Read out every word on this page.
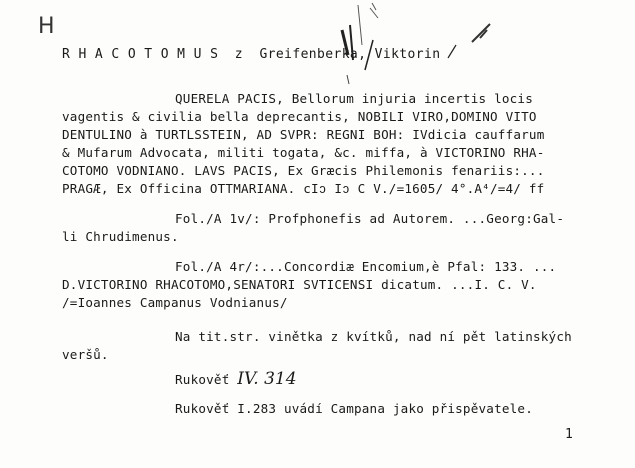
H
R H A C O T O M U S  z  Greifenberka, Viktorin
QUERELA PACIS, Bellorum injuria incertis locis
vagentis & civilia bella deprecantis, NOBILI VIRO,DOMINO VITO
DENTULINO à TURTLSSTEIN, AD SVPR: REGNI BOH: IVdicia cauffarum
& Mufarum Advocata, militi togata, &c. miffa, à VICTORINO RHA-
COTOMO VODNIANO. LAVS PACIS, Ex Græcis Philemonis fenariis:...
PRAGÆ, Ex Officina OTTMARIANA. cIↄ Iↄ C V./=1605/ 4°.A⁴/=4/ ff
Fol./A 1v/: Profphonefis ad Autorem. ...Georg:Gal-
li Chrudimenus.
Fol./A 4r/:...Concordiæ Encomium,è Pfal: 133. ...
D.VICTORINO RHACOTOMO,SENATORI SVTICENSI dicatum. ...I. C. V.
/=Ioannes Campanus Vodnianus/
Na tit.str. vinětka z kvítků, nad ní pět latinských
veršů.
Rukověť IV. 314
Rukověť I.283 uvádí Campana jako přispěvatele.
1
